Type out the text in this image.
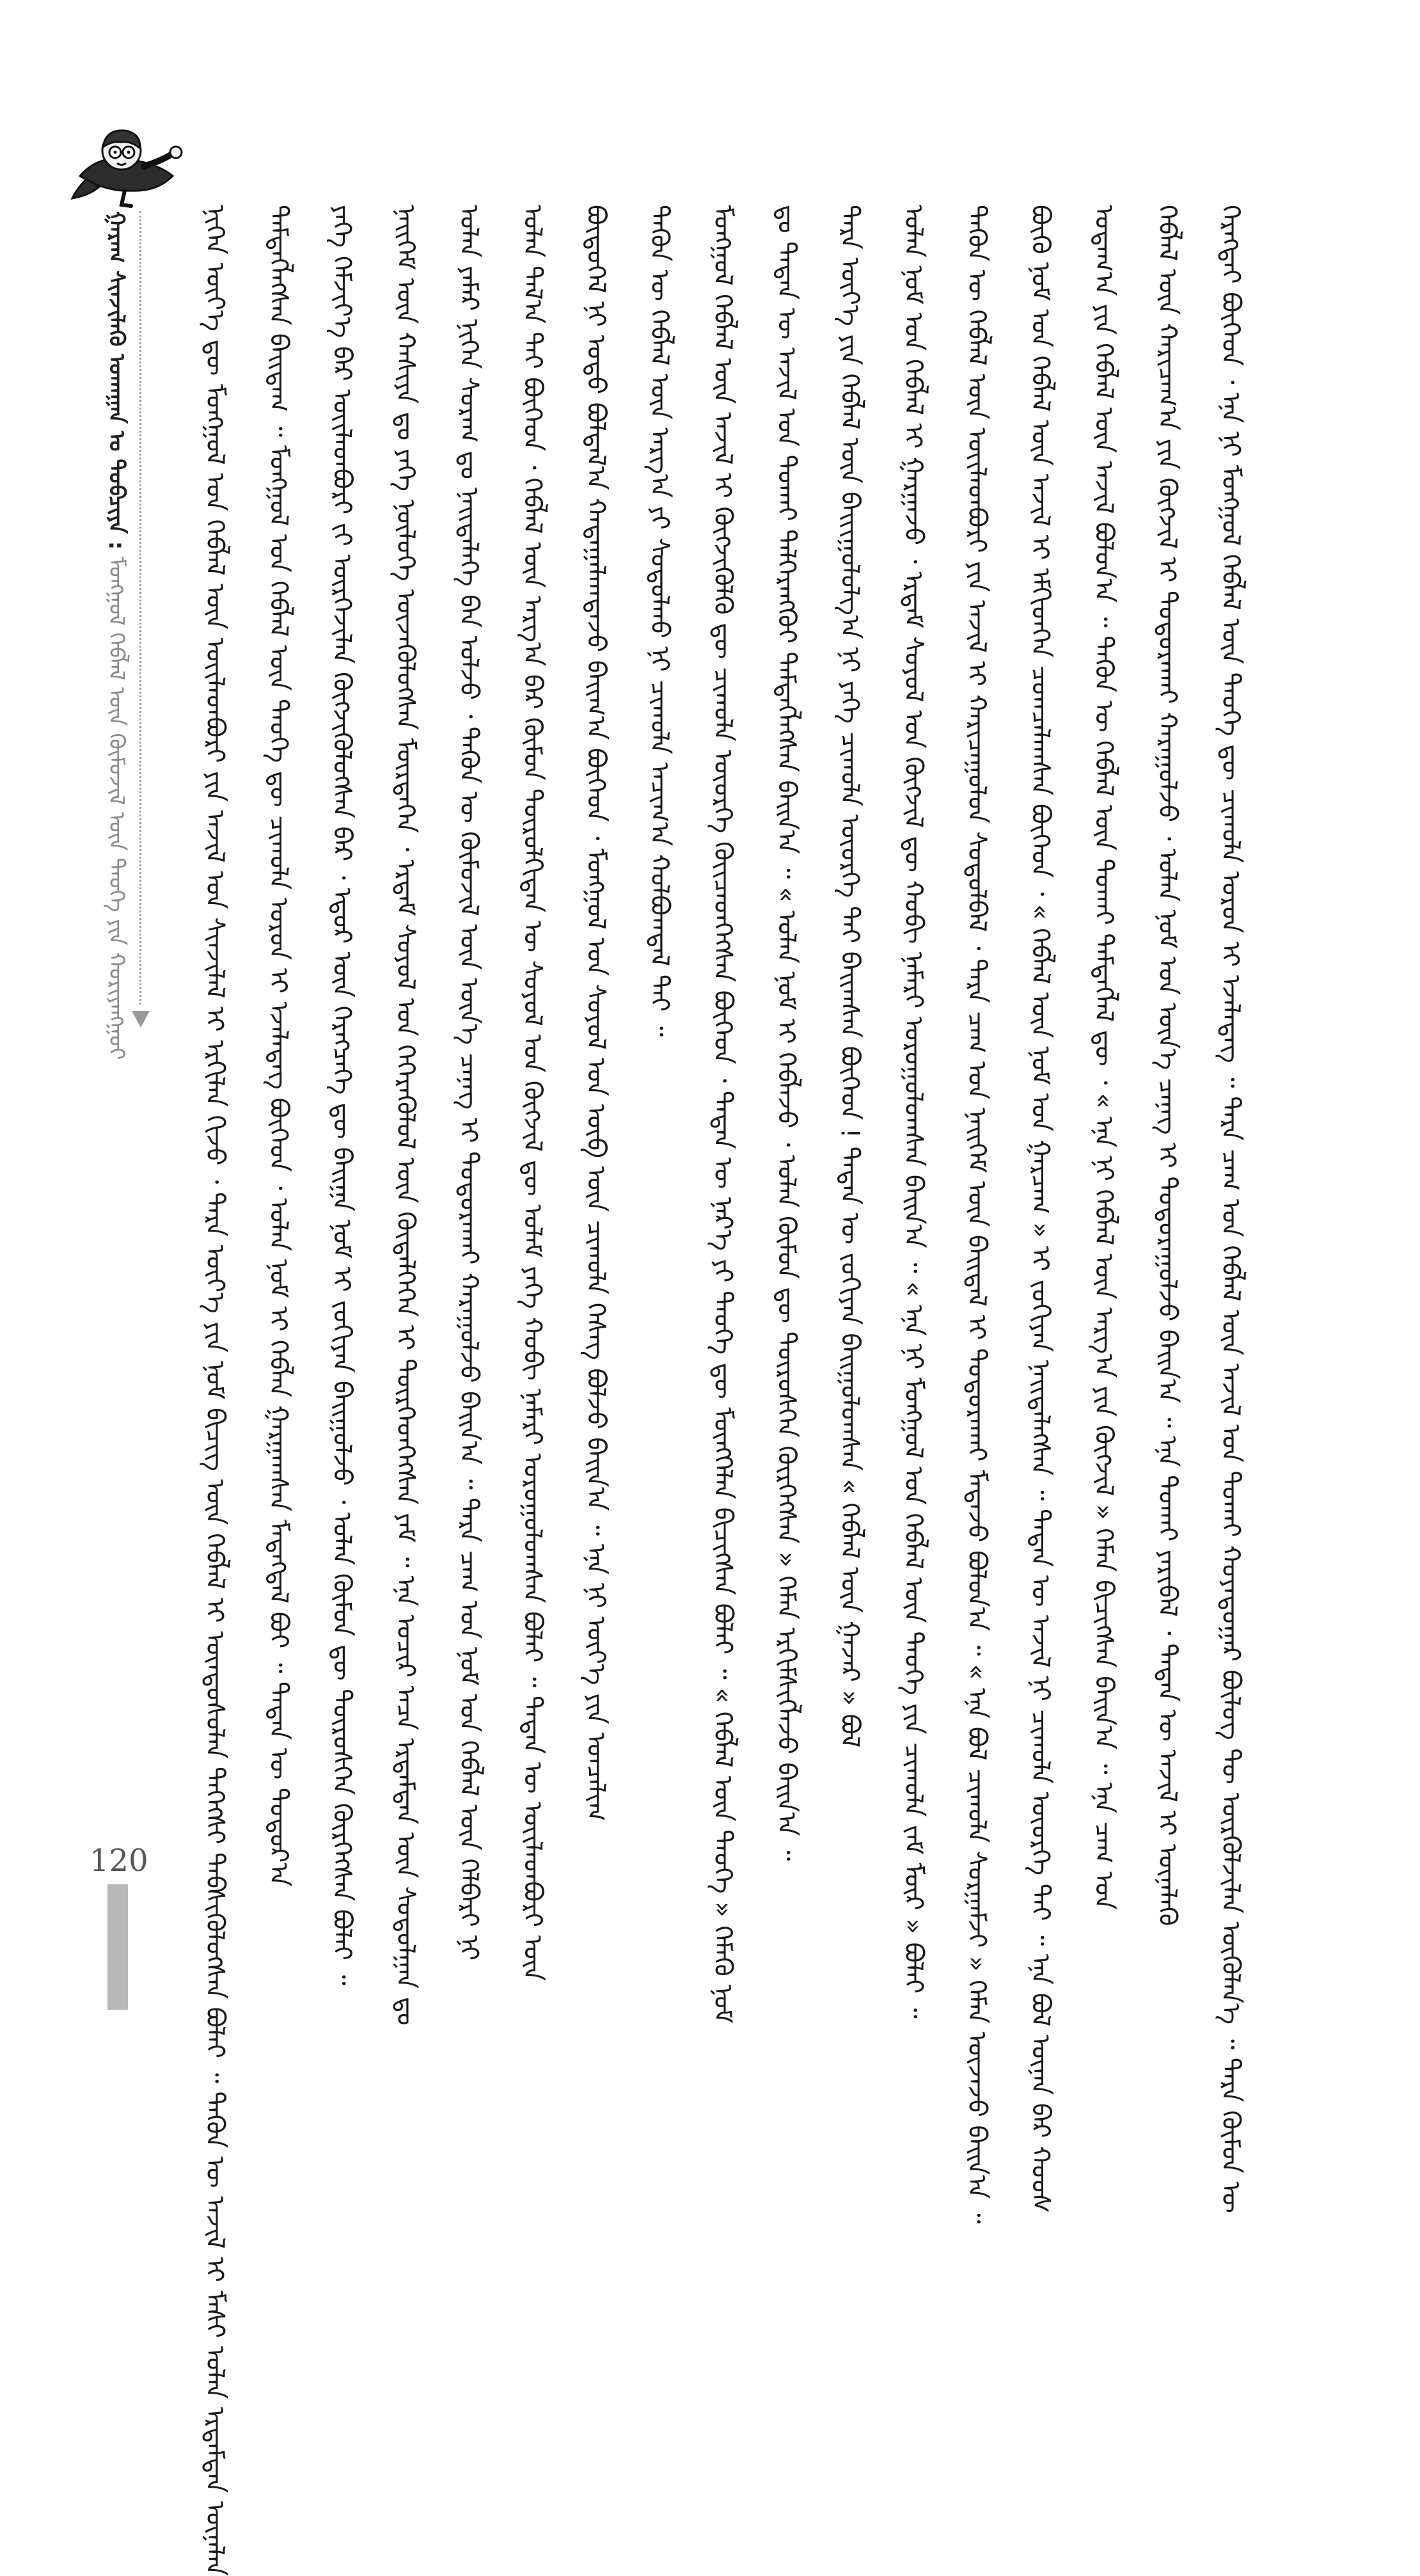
ᠭᠠᠷᠠᠭ ᠰᠢᠨᠵᠢᠯᠡᠬᠦ ᠤᠬᠠᠭᠠᠨ ᠤ ᠳᠣᠪᠴᠢᠶᠠ : ᠮᠣᠩᠭᠣᠯ ᠬᠡᠪᠯᠡᠯ ᠦᠨ ᠬᠦᠮᠦᠵᠢᠯ ᠦᠨ ᠲᠡᠦᠬᠡ ᠶᠢᠨ ᠬᠣᠷᠢᠶᠠᠩᠭᠤᠢ	ᠨᠢᠭᠡᠨ ᠦᠶ᠎ᠡ ᠳᠦ ᠮᠣᠩᠭᠣᠯ ᠤᠨ ᠬᠡᠪᠯᠡᠯ ᠦᠨ ᠦᠢᠯᠡᠳᠪᠦᠷᠢ ᠶᠢᠨ ᠠᠵᠢᠯ ᠣᠨ ᠰᠢᠨᠵᠢᠯᠡᠯ ᠢ ᠡᠷᠬᠢᠯᠡᠨ ᠬᠢᠵᠦ ᠂ ᠲᠡᠷᠡ ᠦᠶ᠎ᠡ ᠶᠢᠨ ᠨᠣᠮ ᠪᠢᠴᠢᠭ ᠦᠨ ᠬᠡᠪᠯᠡᠯ ᠢ ᠦᠨᠳᠦᠰᠦᠯᠡᠨ ᠳᠡᠭᠡᠭᠰᠢ ᠳᠡᠪᠰᠢᠭᠦᠯᠦᠭᠰᠡᠨ ᠪᠣᠯᠠᠢ ᠃ ᠲᠡᠭᠦᠨ ᠦ ᠠᠵᠢᠯ ᠢ ᠮᠠᠰᠢ ᠣᠯᠠᠨ ᠡᠷᠳᠡᠮᠲᠡᠨ ᠦᠨᠡᠯᠡᠨ	ᠲᠡᠮᠳᠡᠭᠯᠡᠭᠰᠡᠨ ᠪᠠᠢᠳᠠᠭ ᠃ ᠮᠣᠩᠭᠣᠯ ᠤᠨ ᠬᠡᠪᠯᠡᠯ ᠦᠨ ᠲᠡᠦᠬᠡ ᠳᠦ ᠴᠢᠬᠤᠯᠠ ᠣᠷᠣᠨ ᠢ ᠡᠵᠡᠯᠡᠳᠡᠭ ᠪᠥᠭᠡᠳ ᠂ ᠣᠯᠠᠨ ᠨᠣᠮ ᠢ ᠬᠡᠪᠯᠡᠨ ᠭᠠᠷᠭᠠᠭᠰᠠᠨ ᠮᠡᠳᠡᠭᠳᠡᠯ ᠪᠣᠢ ᠃ ᠲᠡᠳᠡᠨ ᠦ ᠳᠣᠲᠣᠷ᠎ᠠ	ᠶᠡᠬᠡ ᠬᠡᠮᠵᠢᠶ᠎ᠡ ᠪᠡᠷ ᠦᠢᠯᠡᠳᠪᠦᠷᠢ ᠵᠢ ᠦᠷᠭᠡᠵᠢᠯᠡᠨ ᠬᠦᠭᠵᠢᠭᠦᠯᠦᠭᠰᠡᠨ ᠪᠡᠷ ᠂ ᠡᠳᠦᠷ ᠦᠨ ᠬᠡᠷᠡᠭᠴᠡᠭᠡ ᠳᠦ ᠪᠠᠢᠭᠠ ᠨᠣᠮ ᠢ ᠵᠣᠬᠢᠶᠠᠨ ᠪᠠᠢᠭᠤᠯᠵᠤ ᠂ ᠣᠯᠠᠨ ᠬᠦᠮᠦᠨ ᠳᠦ ᠲᠦᠷᠦᠰᠬᠡᠨ ᠬᠦᠷᠭᠡᠭᠰᠡᠨ ᠪᠣᠯᠠᠢ ᠃	ᠨᠡᠢᠭᠡᠮ ᠦᠨ ᠬᠠᠰᠢᠶᠠ ᠳᠤ ᠶᠡᠬᠡ ᠨᠥᠯᠦᠭᠡ ᠦᠵᠡᠭᠦᠯᠦᠭᠰᠡᠨ ᠮᠥᠷᠲᠡᠭᠡᠨ ᠂ ᠡᠷᠳᠡᠮ ᠰᠣᠶᠣᠯ ᠤᠨ ᠭᠡᠭᠡᠷᠡᠭᠦᠯᠦᠯ ᠦᠨ ᠬᠥᠳᠡᠯᠭᠡᠭᠡᠨ ᠢ ᠲᠦᠷᠭᠡᠳᠭᠡᠭᠰᠡᠨ ᠶᠠᠮ ᠃ ᠡᠨᠡ ᠤᠴᠢᠷ ᠠᠴᠠ ᠡᠷᠳᠡᠮᠲᠡᠨ ᠦᠨ ᠰᠤᠳᠤᠯᠭᠠᠨ ᠳᠤ	ᠣᠯᠠᠨ ᠶᠠᠮᠠᠷ ᠨᠢᠭᠡᠨ ᠰᠤᠷᠠᠭ ᠳᠤ ᠨᠡᠢᠲᠡᠯᠡᠭᠡ ᠪᠡᠨ ᠣᠯᠵᠤ ᠂ ᠲᠡᠭᠦᠨ ᠦ ᠬᠦᠮᠦᠵᠢᠯ ᠦᠨ ᠦᠨ᠎ᠡ ᠴᠡᠨᠡᠭ ᠢ ᠲᠣᠳᠣᠷᠠᠬᠠᠢ ᠬᠠᠷᠠᠭᠤᠯᠵᠤ ᠪᠠᠢᠨ᠎ᠠ ᠃ ᠲᠡᠷᠡ ᠴᠠᠭ ᠤᠨ ᠨᠣᠮ ᠤᠨ ᠬᠡᠪᠯᠡᠯ ᠦᠨ ᠬᠡᠯᠪᠡᠷᠢ ᠨᠢ	ᠣᠯᠠᠨ ᠲᠠᠯ᠎ᠠ ᠲᠠᠢ ᠪᠥᠭᠡᠳ ᠂ ᠬᠡᠪᠯᠡᠯ ᠦᠨ ᠠᠷᠭ᠎ᠠ ᠪᠠᠷ ᠬᠦᠮᠦᠨ ᠲᠥᠷᠦᠯᠬᠢᠲᠡᠨ ᠦ ᠰᠣᠶᠣᠯ ᠤᠨ ᠬᠥᠭᠵᠢᠯ ᠳᠦ ᠤᠯᠠᠮ ᠶᠡᠬᠡ ᠬᠤᠪᠢ ᠨᠡᠮᠡᠷᠢ ᠣᠷᠣᠭᠤᠯᠤᠭᠰᠠᠨ ᠪᠣᠯᠠᠢ ᠃ ᠲᠡᠳᠡᠨ ᠦ ᠦᠢᠯᠡᠳᠪᠦᠷᠢ ᠦᠨ	ᠪᠦᠲᠦᠭᠡᠯ ᠨᠢ ᠣᠳᠣ ᠪᠣᠯᠲᠠᠯ᠎ᠠ ᠬᠠᠳᠠᠭᠠᠯᠠᠭᠳᠠᠵᠤ ᠪᠠᠢᠭ᠎ᠠ ᠪᠥᠭᠡᠳ ᠂ ᠮᠣᠩᠭᠣᠯ ᠤᠨ ᠰᠣᠶᠣᠯ ᠤᠨ ᠥᠪ ᠦᠨ ᠴᠢᠬᠤᠯᠠ ᠬᠡᠰᠡᠭ ᠪᠣᠯᠵᠤ ᠪᠠᠢᠨ᠎ᠠ ᠃ ᠡᠨᠡ ᠨᠢ ᠦᠶ᠎ᠡ ᠶᠢᠨ ᠣᠨᠴᠠᠯᠢᠭ	ᠲᠡᠭᠦᠨ ᠦ ᠬᠡᠪᠯᠡᠯ ᠦᠨ ᠠᠷᠭ᠎ᠠ ᠶᠢ ᠰᠤᠳᠤᠯᠬᠤ ᠨᠢ ᠴᠢᠬᠤᠯᠠ ᠠᠴᠢᠭ᠎ᠠ ᠬᠣᠯᠪᠣᠭᠳᠠᠯ ᠲᠠᠢ ᠃	ᠮᠣᠩᠭᠣᠯ ᠬᠡᠪᠯᠡᠯ ᠦᠨ ᠠᠵᠢᠯ ᠢ ᠬᠥᠭᠵᠢᠭᠦᠯᠬᠦ ᠳᠦ ᠴᠢᠬᠤᠯᠠ ᠦᠦᠷᠭᠡ ᠭᠦᠢᠴᠡᠳᠭᠡᠭᠰᠡᠨ ᠪᠥᠭᠡᠳ ᠂ ᠲᠡᠳᠡᠨ ᠦ ᠨᠡᠷ᠎ᠡ ᠶᠢ ᠲᠡᠦᠬᠡ ᠳᠦ ᠮᠥᠩᠬᠡᠯᠡᠨ ᠪᠢᠴᠢᠭᠰᠡᠨ ᠪᠣᠯᠠᠢ ᠃ « ᠬᠡᠪᠯᠡᠯ ᠦᠨ ᠲᠡᠦᠬᠡ » ᠬᠡᠮᠡᠬᠦ ᠨᠣᠮ	ᠳᠤ ᠲᠡᠳᠡᠨ ᠦ ᠠᠵᠢᠯ ᠤᠨ ᠲᠤᠬᠠᠢ ᠳᠡᠯᠭᠡᠷᠡᠩᠭᠦᠢ ᠲᠡᠮᠳᠡᠭᠯᠡᠭᠰᠡᠨ ᠪᠠᠢᠨ᠎ᠠ ᠃ « ᠣᠯᠠᠨ ᠨᠣᠮ ᠢ ᠬᠡᠪᠯᠡᠵᠦ ᠂ ᠣᠯᠠᠨ ᠬᠦᠮᠦᠨ ᠳᠦ ᠲᠦᠷᠦᠰᠬᠡᠨ ᠬᠦᠷᠭᠡᠭᠰᠡᠨ » ᠬᠡᠮᠡᠨ ᠡᠷᠬᠢᠮᠰᠢᠭᠯᠡᠵᠦ ᠪᠠᠢᠨ᠎ᠠ ᠃	ᠲᠡᠷᠡ ᠦᠶ᠎ᠡ ᠶᠢᠨ ᠬᠡᠪᠯᠡᠯ ᠦᠨ ᠪᠠᠢᠢᠭᠤᠯᠤᠯᠭ᠎ᠠ ᠨᠢ ᠶᠡᠬᠡ ᠴᠢᠬᠤᠯᠠ ᠦᠦᠷᠭᠡ ᠲᠠᠢ ᠪᠠᠢᠭᠰᠠᠨ ᠪᠥᠭᠡᠳ ! ᠲᠡᠳᠡᠨ ᠦ ᠵᠣᠬᠢᠶᠠᠨ ᠪᠠᠢᠭᠤᠯᠤᠭᠰᠠᠨ « ᠬᠡᠪᠯᠡᠯ ᠦᠨ ᠭᠠᠵᠠᠷ » ᠪᠣᠯ	ᠣᠯᠠᠨ ᠨᠣᠮ ᠤᠨ ᠬᠡᠪᠯᠡᠯ ᠢ ᠭᠠᠷᠭᠠᠵᠤ ᠂ ᠡᠷᠳᠡᠮ ᠰᠣᠶᠣᠯ ᠤᠨ ᠬᠥᠭᠵᠢᠯ ᠳᠦ ᠬᠤᠪᠢ ᠨᠡᠮᠡᠷᠢ ᠣᠷᠣᠭᠤᠯᠤᠭᠰᠠᠨ ᠪᠠᠢᠨ᠎ᠠ ᠃ « ᠡᠨᠡ ᠨᠢ ᠮᠣᠩᠭᠣᠯ ᠤᠨ ᠬᠡᠪᠯᠡᠯ ᠦᠨ ᠲᠡᠦᠬᠡ ᠶᠢᠨ ᠴᠢᠬᠤᠯᠠ ᠵᠠᠮ ᠮᠥᠷ » ᠪᠣᠯᠠᠢ ᠃	ᠲᠡᠭᠦᠨ ᠦ ᠬᠡᠪᠯᠡᠯ ᠦᠨ ᠦᠢᠯᠡᠳᠪᠦᠷᠢ ᠶᠢᠨ ᠠᠵᠢᠯ ᠢ ᠬᠠᠷᠢᠴᠠᠭᠤᠯᠤᠨ ᠰᠤᠳᠤᠯᠪᠠᠯ ᠂ ᠲᠡᠷᠡ ᠴᠠᠭ ᠤᠨ ᠨᠡᠢᠭᠡᠮ ᠦᠨ ᠪᠠᠢᠳᠠᠯ ᠢ ᠲᠣᠳᠣᠷᠠᠬᠠᠢ ᠮᠡᠳᠡᠵᠦ ᠪᠣᠯᠣᠨ᠎ᠠ ᠃ « ᠡᠨᠡ ᠪᠣᠯ ᠴᠢᠬᠤᠯᠠ ᠰᠤᠷᠭᠠᠮᠵᠢ » ᠬᠡᠮᠡᠨ ᠦᠵᠡᠵᠦ ᠪᠠᠢᠨ᠎ᠠ ᠃	ᠪᠦᠬᠦ ᠨᠣᠮ ᠤᠨ ᠬᠡᠪᠯᠡᠯ ᠦᠨ ᠠᠵᠢᠯ ᠢ ᠡᠮᠬᠢᠳᠭᠡᠨ ᠴᠣᠭᠴᠠᠯᠠᠭᠰᠠᠨ ᠪᠥᠭᠡᠳ ᠂ « ᠬᠡᠪᠯᠡᠯ ᠦᠨ ᠨᠣᠮ ᠤᠨ ᠭᠠᠷᠴᠠᠭ » ᠢ ᠵᠣᠬᠢᠶᠠᠨ ᠨᠡᠢᠲᠡᠯᠡᠭᠰᠡᠨ ᠃ ᠲᠡᠳᠡᠨ ᠦ ᠠᠵᠢᠯ ᠨᠢ ᠴᠢᠬᠤᠯᠠ ᠦᠦᠷᠭᠡ ᠲᠠᠢ ᠃ ᠡᠨᠡ ᠪᠣᠯ ᠦᠨᠡᠨ ᠪᠡᠷ ᠬᠣᠣᠰ	ᠤᠳᠠᠭ᠎ᠠ ᠶᠢᠨ ᠬᠡᠪᠯᠡᠯ ᠦᠨ ᠠᠵᠢᠯ ᠪᠣᠯᠣᠨ᠎ᠠ ᠃ ᠲᠡᠭᠦᠨ ᠦ ᠬᠡᠪᠯᠡᠯ ᠦᠨ ᠲᠤᠬᠠᠢ ᠲᠡᠮᠳᠡᠭᠯᠡᠯ ᠳᠦ ᠂ « ᠡᠨᠡ ᠨᠢ ᠬᠡᠪᠯᠡᠯ ᠦᠨ ᠠᠷᠭ᠎ᠠ ᠶᠢᠨ ᠬᠥᠭᠵᠢᠯ » ᠬᠡᠮᠡᠨ ᠪᠢᠴᠢᠭᠰᠡᠨ ᠪᠠᠢᠨ᠎ᠠ ᠃ ᠡᠨᠡ ᠴᠠᠭ ᠤᠨ	ᠬᠡᠪᠯᠡᠯ ᠦᠨ ᠬᠠᠷᠢᠴᠠᠭ᠎ᠠ ᠶᠢᠨ ᠬᠥᠭᠵᠢᠯ ᠢ ᠲᠣᠳᠣᠷᠠᠬᠠᠢ ᠬᠠᠷᠠᠭᠤᠯᠵᠤ ᠂ ᠣᠯᠠᠨ ᠨᠣᠮ ᠤᠨ ᠦᠨ᠎ᠡ ᠴᠡᠨᠡᠭ ᠢ ᠲᠣᠳᠣᠷᠠᠭᠤᠯᠵᠤ ᠪᠠᠢᠨ᠎ᠠ ᠃ ᠡᠨᠡ ᠲᠤᠬᠠᠢ ᠶᠠᠷᠢᠪᠠᠯ ᠂ ᠲᠡᠳᠡᠨ ᠦ ᠠᠵᠢᠯ ᠢ ᠦᠨᠡᠯᠡᠬᠦ	ᠬᠡᠷᠡᠭᠲᠡᠢ ᠪᠥᠭᠡᠳ ᠂ ᠡᠨᠡ ᠨᠢ ᠮᠣᠩᠭᠣᠯ ᠬᠡᠪᠯᠡᠯ ᠦᠨ ᠲᠡᠦᠬᠡ ᠳᠦ ᠴᠢᠬᠤᠯᠠ ᠣᠷᠣᠨ ᠢ ᠡᠵᠡᠯᠡᠳᠡᠭ ᠃ ᠲᠡᠷᠡ ᠴᠠᠭ ᠤᠨ ᠬᠡᠪᠯᠡᠯ ᠦᠨ ᠠᠵᠢᠯ ᠤᠨ ᠲᠤᠬᠠᠢ ᠬᠣᠶᠠᠳᠤᠭᠠᠷ ᠪᠦᠯᠦᠭ ᠲᠦ ᠦᠷᠭᠦᠯᠵᠢᠯᠡᠨ ᠥᠭᠦᠯᠡᠨ᠎ᠡ ᠃ ᠲᠡᠷᠡ ᠬᠦᠮᠦᠨ ᠦ
120
